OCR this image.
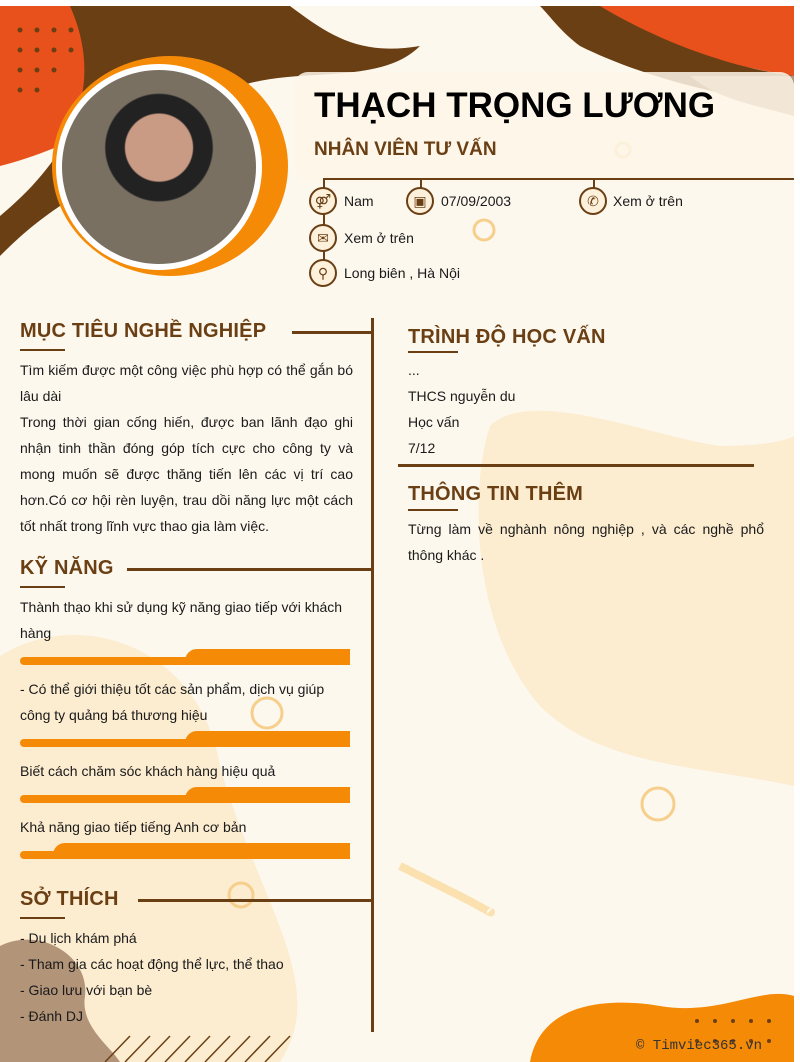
THẠCH TRỌNG LƯƠNG
NHÂN VIÊN TƯ VẤN
⚤ Nam	▣	07/09/2003	✆	Xem ở trên
✉	Xem ở trên
⚲	Long biên , Hà Nội
MỤC TIÊU NGHỀ NGHIỆP
Tìm kiếm được một công việc phù hợp có thể gắn bó lâu dài
Trong thời gian cống hiến, được ban lãnh đạo ghi nhận tinh thần đóng góp tích cực cho công ty và mong muốn sẽ được thăng tiến lên các vị trí cao hơn.Có cơ hội rèn luyện, trau dồi năng lực một cách tốt nhất trong lĩnh vực thao gia làm việc.
KỸ NĂNG
Thành thạo khi sử dụng kỹ năng giao tiếp với khách hàng
- Có thể giới thiệu tốt các sản phẩm, dịch vụ giúp công ty quảng bá thương hiệu
Biết cách chăm sóc khách hàng hiệu quả
Khả năng giao tiếp tiếng Anh cơ bản
SỞ THÍCH
- Du lịch khám phá
- Tham gia các hoạt động thể lực, thể thao
- Giao lưu với bạn bè
- Đánh DJ
TRÌNH ĐỘ HỌC VẤN
...
THCS nguyễn du
Học vấn
7/12
THÔNG TIN THÊM
Từng làm về nghành nông nghiệp , và các nghề phổ thông khác .
© Timviec365.vn
